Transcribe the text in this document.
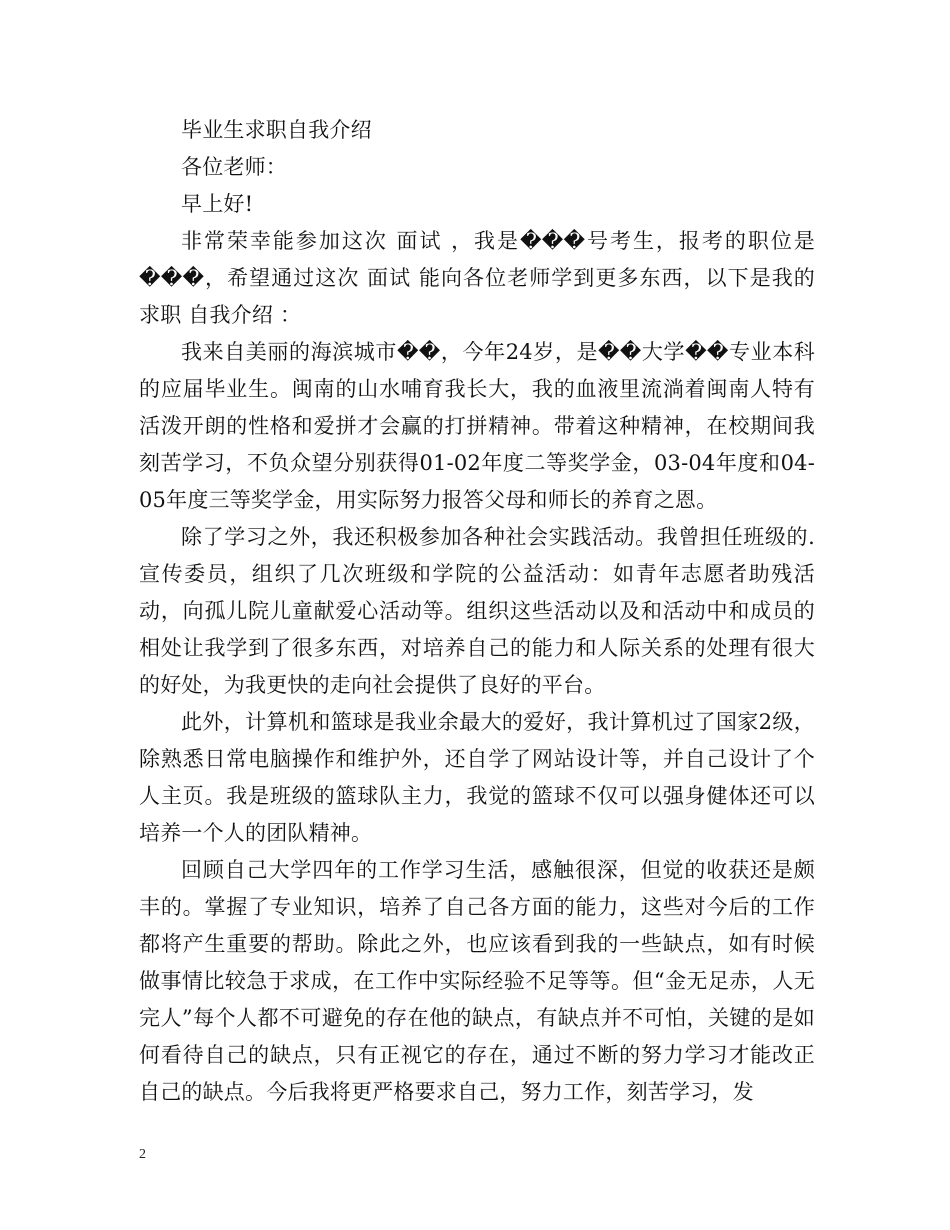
毕业生求职自我介绍

各位老师：

早上好!

非常荣幸能参加这次 面试 ，我是���号考生，报考的职位是���，希望通过这次 面试 能向各位老师学到更多东西，以下是我的 求职 自我介绍 ：

我来自美丽的海滨城市��，今年24岁，是��大学��专业本科的应届毕业生。闽南的山水哺育我长大，我的血液里流淌着闽南人特有活泼开朗的性格和爱拼才会赢的打拼精神。带着这种精神，在校期间我刻苦学习，不负众望分别获得01-02年度二等奖学金，03-04年度和04-05年度三等奖学金，用实际努力报答父母和师长的养育之恩。

除了学习之外，我还积极参加各种社会实践活动。我曾担任班级的.宣传委员，组织了几次班级和学院的公益活动：如青年志愿者助残活动，向孤儿院儿童献爱心活动等。组织这些活动以及和活动中和成员的相处让我学到了很多东西，对培养自己的能力和人际关系的处理有很大的好处，为我更快的走向社会提供了良好的平台。

此外，计算机和篮球是我业余最大的爱好，我计算机过了国家2级，除熟悉日常电脑操作和维护外，还自学了网站设计等，并自己设计了个人主页。我是班级的篮球队主力，我觉的篮球不仅可以强身健体还可以培养一个人的团队精神。

回顾自己大学四年的工作学习生活，感触很深，但觉的收获还是颇丰的。掌握了专业知识，培养了自己各方面的能力，这些对今后的工作都将产生重要的帮助。除此之外，也应该看到我的一些缺点，如有时候做事情比较急于求成，在工作中实际经验不足等等。但“金无足赤，人无完人”每个人都不可避免的存在他的缺点，有缺点并不可怕，关键的是如何看待自己的缺点，只有正视它的存在，通过不断的努力学习才能改正自己的缺点。今后我将更严格要求自己，努力工作，刻苦学习，发

2
